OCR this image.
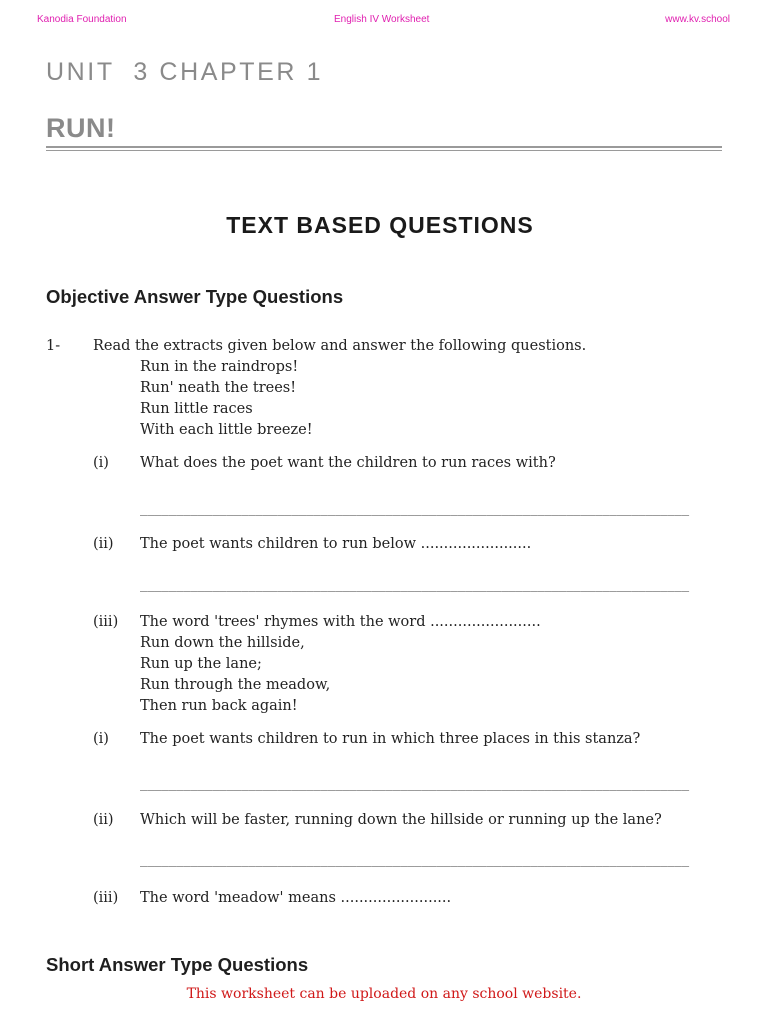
Kanodia Foundation	English IV Worksheet	www.kv.school
UNIT  3 CHAPTER 1
RUN!
TEXT BASED QUESTIONS
Objective Answer Type Questions
1- Read the extracts given below and answer the following questions.
Run in the raindrops!
Run' neath the trees!
Run little races
With each little breeze!
(i) What does the poet want the children to run races with?
____________________________________________________________________________
(ii) The poet wants children to run below ........................
____________________________________________________________________________
(iii) The word 'trees' rhymes with the word ........................
Run down the hillside,
Run up the lane;
Run through the meadow,
Then run back again!
(i) The poet wants children to run in which three places in this stanza?
____________________________________________________________________________
(ii) Which will be faster, running down the hillside or running up the lane?
____________________________________________________________________________
(iii) The word 'meadow' means ........................
Short Answer Type Questions
This worksheet can be uploaded on any school website.
